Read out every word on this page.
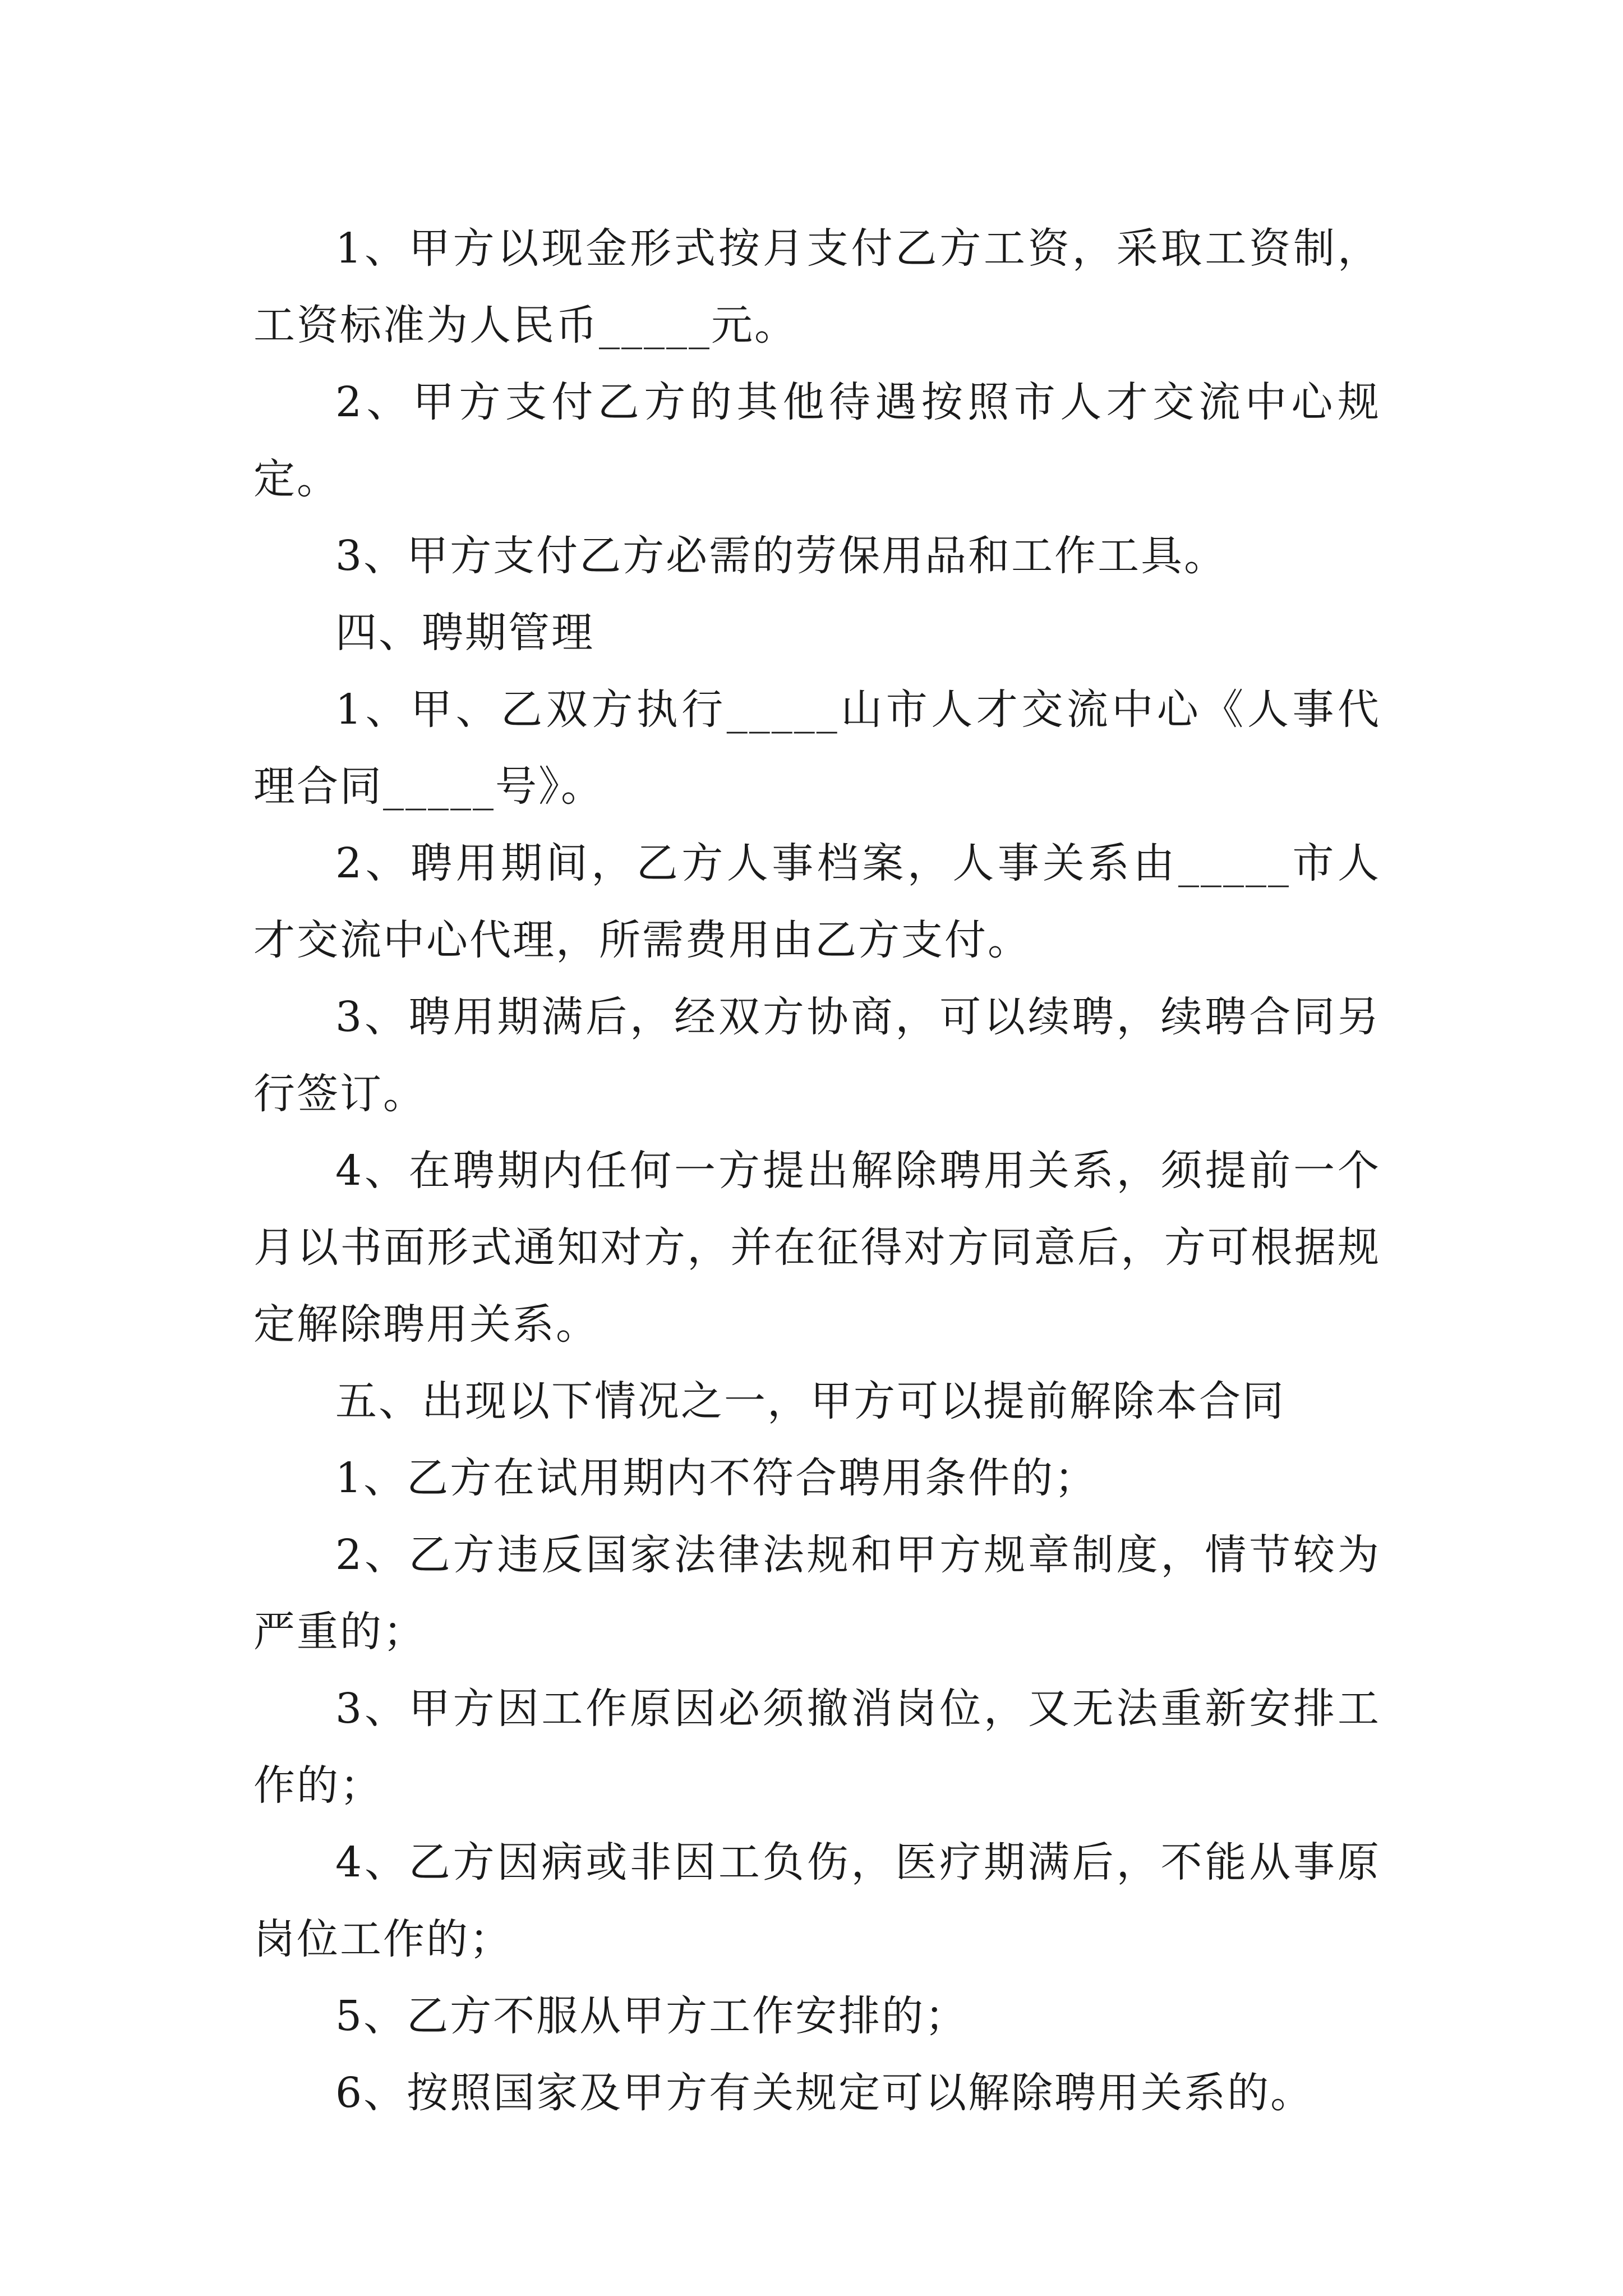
1、甲方以现金形式按月支付乙方工资，采取工资制，工资标准为人民币_____元。

2、甲方支付乙方的其他待遇按照市人才交流中心规定。

3、甲方支付乙方必需的劳保用品和工作工具。

四、聘期管理

1、甲、乙双方执行_____山市人才交流中心《人事代理合同_____号》。

2、聘用期间，乙方人事档案，人事关系由_____市人才交流中心代理，所需费用由乙方支付。

3、聘用期满后，经双方协商，可以续聘，续聘合同另行签订。

4、在聘期内任何一方提出解除聘用关系，须提前一个月以书面形式通知对方，并在征得对方同意后，方可根据规定解除聘用关系。

五、出现以下情况之一，甲方可以提前解除本合同

1、乙方在试用期内不符合聘用条件的；

2、乙方违反国家法律法规和甲方规章制度，情节较为严重的；

3、甲方因工作原因必须撤消岗位，又无法重新安排工作的；

4、乙方因病或非因工负伤，医疗期满后，不能从事原岗位工作的；

5、乙方不服从甲方工作安排的；

6、按照国家及甲方有关规定可以解除聘用关系的。
